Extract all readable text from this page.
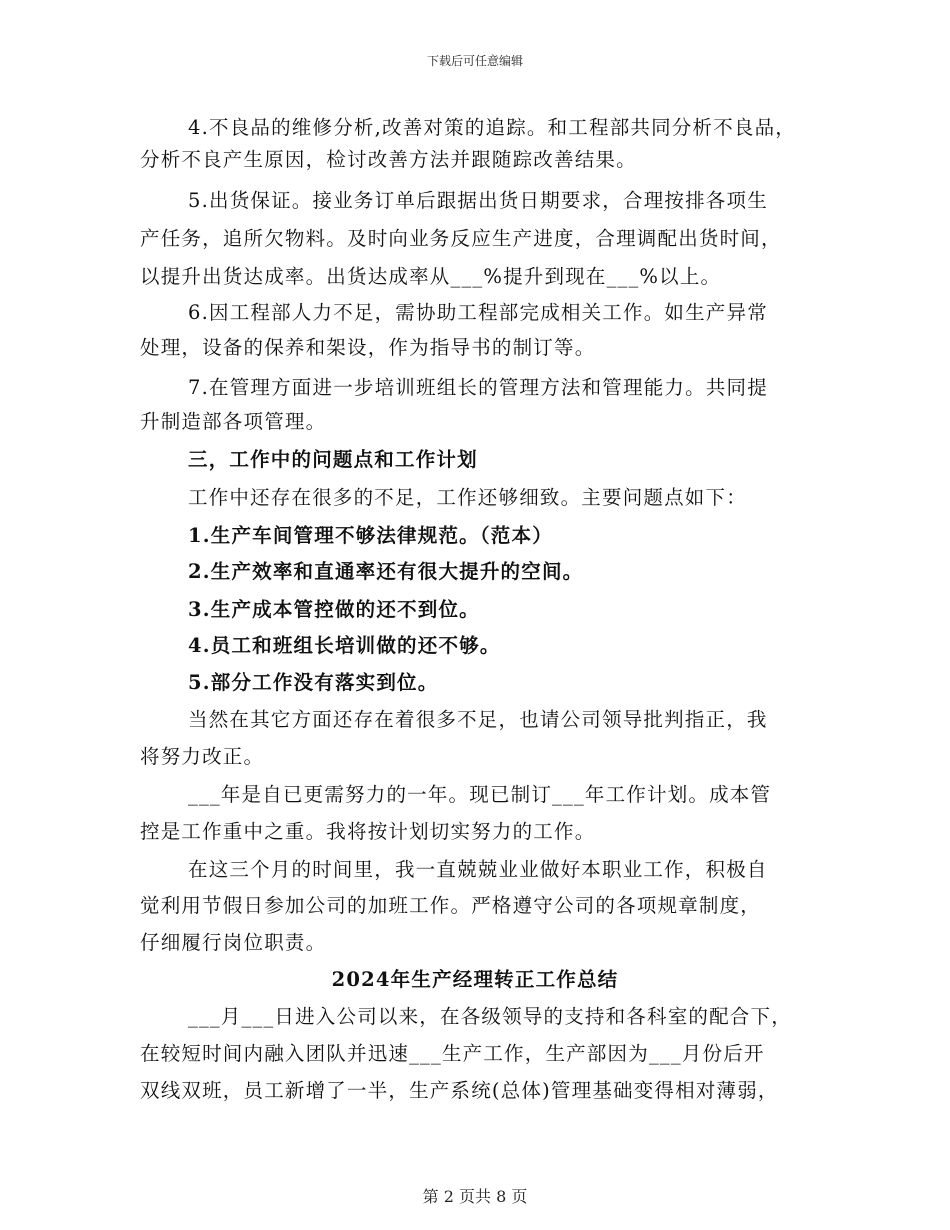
下载后可任意编辑
4.不良品的维修分析,改善对策的追踪。和工程部共同分析不良品，
分析不良产生原因，检讨改善方法并跟随踪改善结果。
5.出货保证。接业务订单后跟据出货日期要求，合理按排各项生
产任务，追所欠物料。及时向业务反应生产进度，合理调配出货时间，
以提升出货达成率。出货达成率从___%提升到现在___%以上。
6.因工程部人力不足，需协助工程部完成相关工作。如生产异常
处理，设备的保养和架设，作为指导书的制订等。
7.在管理方面进一步培训班组长的管理方法和管理能力。共同提
升制造部各项管理。
三，工作中的问题点和工作计划
工作中还存在很多的不足，工作还够细致。主要问题点如下：
1.生产车间管理不够法律规范。（范本）
2.生产效率和直通率还有很大提升的空间。
3.生产成本管控做的还不到位。
4.员工和班组长培训做的还不够。
5.部分工作没有落实到位。
当然在其它方面还存在着很多不足，也请公司领导批判指正，我
将努力改正。
___年是自已更需努力的一年。现已制订___年工作计划。成本管
控是工作重中之重。我将按计划切实努力的工作。
在这三个月的时间里，我一直兢兢业业做好本职业工作，积极自
觉利用节假日参加公司的加班工作。严格遵守公司的各项规章制度，
仔细履行岗位职责。
2024年生产经理转正工作总结
___月___日进入公司以来，在各级领导的支持和各科室的配合下，
在较短时间内融入团队并迅速___生产工作，生产部因为___月份后开
双线双班，员工新增了一半，生产系统(总体)管理基础变得相对薄弱，
第 2 页共 8 页
